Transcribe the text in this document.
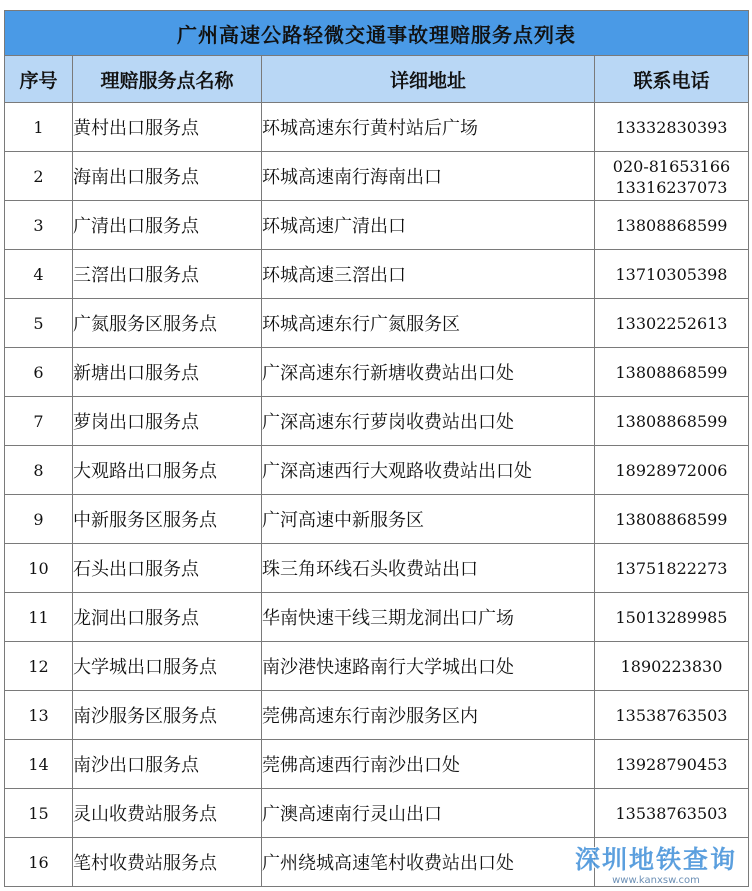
广州高速公路轻微交通事故理赔服务点列表			
序号	理赔服务点名称	详细地址	联系电话
1	黄村出口服务点	环城高速东行黄村站后广场	13332830393

2	海南出口服务点	环城高速南行海南出口	020-81653166
13316237073

3	广清出口服务点	环城高速广清出口	13808868599

4	三滘出口服务点	环城高速三滘出口	13710305398

5	广氮服务区服务点	环城高速东行广氮服务区	13302252613

6	新塘出口服务点	广深高速东行新塘收费站出口处	13808868599

7	萝岗出口服务点	广深高速东行萝岗收费站出口处	13808868599

8	大观路出口服务点	广深高速西行大观路收费站出口处	18928972006

9	中新服务区服务点	广河高速中新服务区	13808868599

10	石头出口服务点	珠三角环线石头收费站出口	13751822273

11	龙洞出口服务点	华南快速干线三期龙洞出口广场	15013289985

12	大学城出口服务点	南沙港快速路南行大学城出口处	1890223830

13	南沙服务区服务点	莞佛高速东行南沙服务区内	13538763503

14	南沙出口服务点	莞佛高速西行南沙出口处	13928790453

15	灵山收费站服务点	广澳高速南行灵山出口	13538763503

16	笔村收费站服务点	广州绕城高速笔村收费站出口处		深圳地铁查询
www.kanxsw.com
